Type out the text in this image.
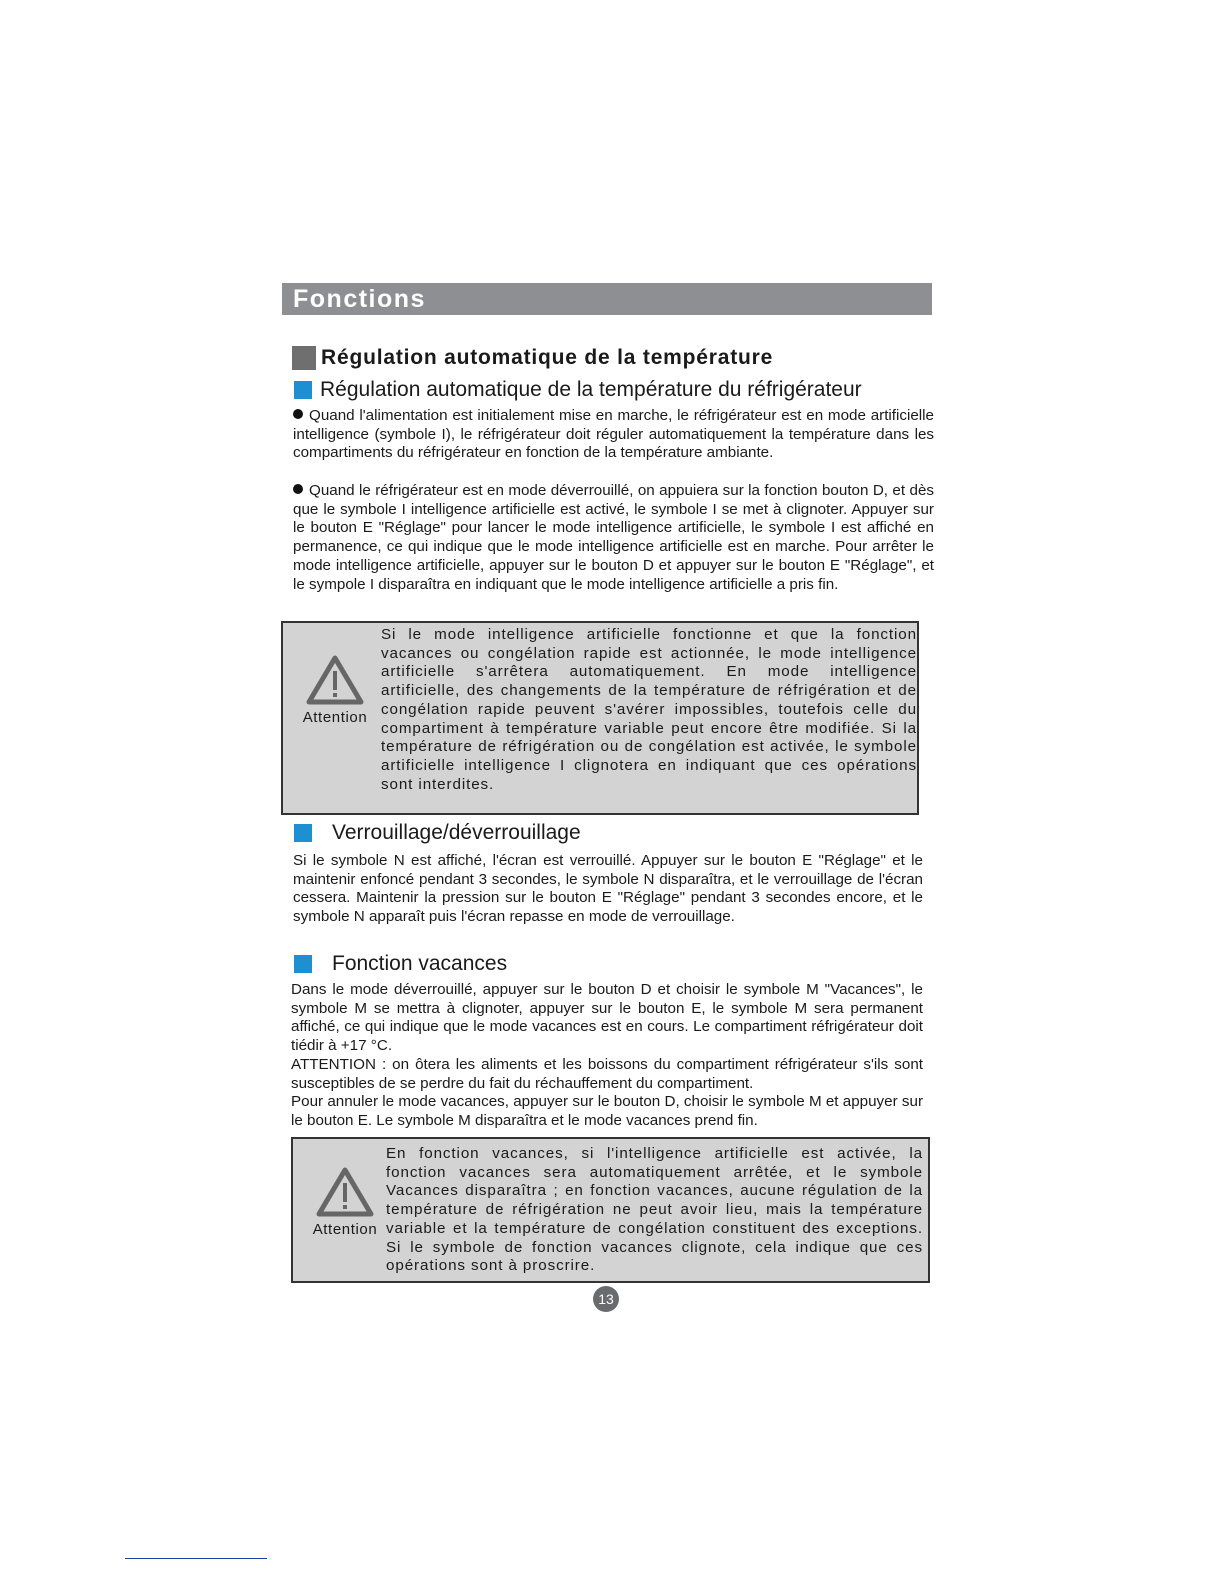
Fonctions
Régulation automatique de la température
Régulation automatique de la température du réfrigérateur

Quand l'alimentation est initialement mise en marche, le réfrigérateur est en mode artificielle intelligence (symbole I), le réfrigérateur doit réguler automatiquement la température dans les compartiments du réfrigérateur en fonction de la température ambiante.

Quand le réfrigérateur est en mode déverrouillé, on appuiera sur la fonction bouton D, et dès que le symbole I intelligence artificielle est activé, le symbole I se met à clignoter. Appuyer sur le bouton E "Réglage" pour lancer le mode intelligence artificielle, le symbole I est affiché en permanence, ce qui indique que le mode intelligence artificielle est en marche. Pour arrêter le mode intelligence artificielle, appuyer sur le bouton D et appuyer sur le bouton E "Réglage", et le sympole I disparaîtra en indiquant que le mode intelligence artificielle a pris fin.

Attention

Si le mode intelligence artificielle fonctionne et que la fonction vacances ou congélation rapide est actionnée, le mode intelligence artificielle s'arrêtera automatiquement. En mode intelligence artificielle, des changements de la température de réfrigération et de congélation rapide peuvent s'avérer impossibles, toutefois celle du compartiment à température variable peut encore être modifiée. Si la température de réfrigération ou de congélation est activée, le symbole artificielle intelligence I clignotera en indiquant que ces opérations sont interdites.

Verrouillage/déverrouillage

Si le symbole N est affiché, l'écran est verrouillé. Appuyer sur le bouton E "Réglage" et le maintenir enfoncé pendant 3 secondes, le symbole N disparaîtra, et le verrouillage de l'écran cessera. Maintenir la pression sur le bouton E "Réglage" pendant 3 secondes encore, et le symbole N apparaît puis l'écran repasse en mode de verrouillage.

Fonction vacances

Dans le mode déverrouillé, appuyer sur le bouton D et choisir le symbole M "Vacances", le symbole M se mettra à clignoter, appuyer sur le bouton E, le symbole M sera permanent affiché, ce qui indique que le mode vacances est en cours. Le compartiment réfrigérateur doit tiédir à +17 °C.

ATTENTION : on ôtera les aliments et les boissons du compartiment réfrigérateur s'ils sont susceptibles de se perdre du fait du réchauffement du compartiment.

Pour annuler le mode vacances, appuyer sur le bouton D, choisir le symbole M et appuyer sur le bouton E. Le symbole M disparaîtra et le mode vacances prend fin.

Attention

En fonction vacances, si l'intelligence artificielle est activée, la fonction vacances sera automatiquement arrêtée, et le symbole Vacances disparaîtra ; en fonction vacances, aucune régulation de la température de réfrigération ne peut avoir lieu, mais la température variable et la température de congélation constituent des exceptions. Si le symbole de fonction vacances clignote, cela indique que ces opérations sont à proscrire.

13
